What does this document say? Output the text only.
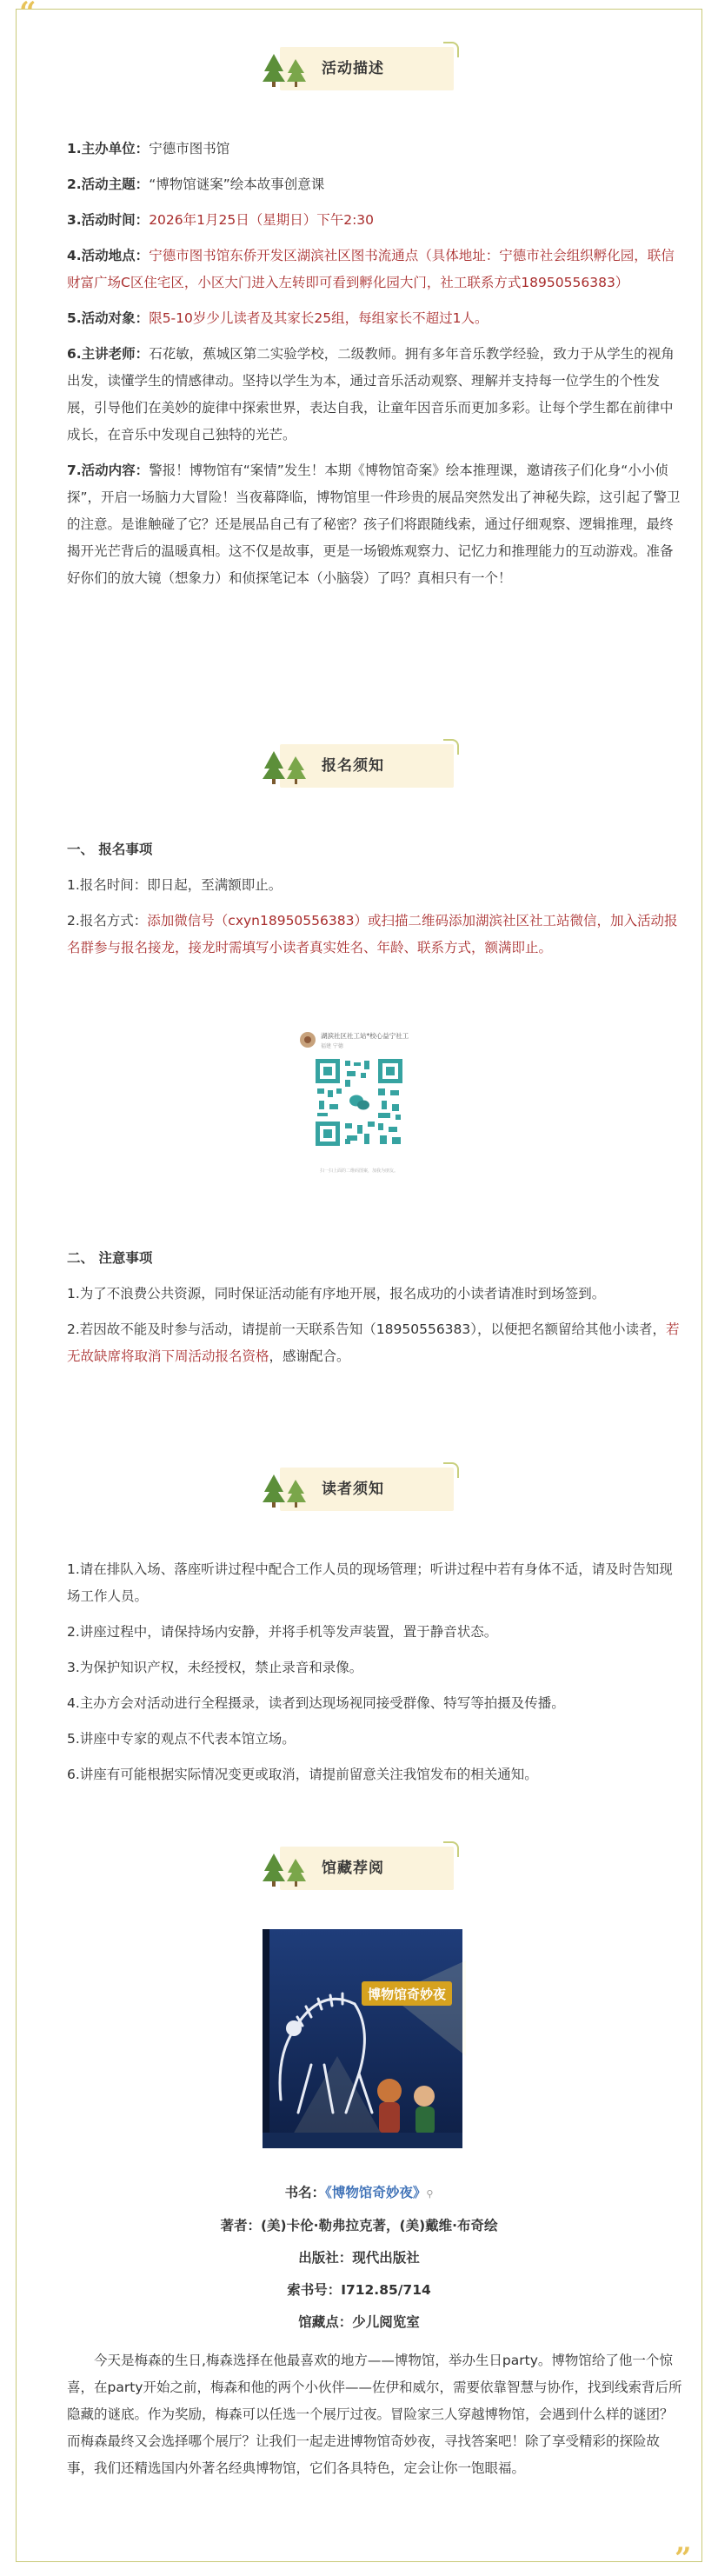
“
”
活动描述

1.主办单位：宁德市图书馆

2.活动主题：“博物馆谜案”绘本故事创意课

3.活动时间：2026年1月25日（星期日）下午2:30

4.活动地点：宁德市图书馆东侨开发区湖滨社区图书流通点（具体地址：宁德市社会组织孵化园，联信财富广场C区住宅区，小区大门进入左转即可看到孵化园大门，社工联系方式18950556383）

5.活动对象：限5-10岁少儿读者及其家长25组，每组家长不超过1人。

6.主讲老师：石花敏，蕉城区第二实验学校，二级教师。拥有多年音乐教学经验，致力于从学生的视角出发，读懂学生的情感律动。坚持以学生为本，通过音乐活动观察、理解并支持每一位学生的个性发展，引导他们在美妙的旋律中探索世界，表达自我，让童年因音乐而更加多彩。让每个学生都在前律中成长，在音乐中发现自己独特的光芒。

7.活动内容：警报！博物馆有“案情”发生！本期《博物馆奇案》绘本推理课，邀请孩子们化身“小小侦探”，开启一场脑力大冒险！当夜幕降临，博物馆里一件珍贵的展品突然发出了神秘失踪，这引起了警卫的注意。是谁触碰了它？还是展品自己有了秘密？孩子们将跟随线索，通过仔细观察、逻辑推理，最终揭开光芒背后的温暖真相。这不仅是故事，更是一场锻炼观察力、记忆力和推理能力的互动游戏。准备好你们的放大镜（想象力）和侦探笔记本（小脑袋）了吗？真相只有一个！

报名须知

一、 报名事项

1.报名时间：即日起，至满额即止。

2.报名方式：添加微信号（cxyn18950556383）或扫描二维码添加湖滨社区社工站微信，加入活动报名群参与报名接龙，接龙时需填写小读者真实姓名、年龄、联系方式，额满即止。

湖滨社区社工站*校心益宁社工
福建 宁德
扫一扫上面的二维码图案，加我为朋友。

二、 注意事项

1.为了不浪费公共资源，同时保证活动能有序地开展，报名成功的小读者请准时到场签到。

2.若因故不能及时参与活动，请提前一天联系告知（18950556383），以便把名额留给其他小读者，若无故缺席将取消下周活动报名资格，感谢配合。

读者须知

1.请在排队入场、落座听讲过程中配合工作人员的现场管理；听讲过程中若有身体不适，请及时告知现场工作人员。

2.讲座过程中，请保持场内安静，并将手机等发声装置，置于静音状态。

3.为保护知识产权，未经授权，禁止录音和录像。

4.主办方会对活动进行全程摄录，读者到达现场视同接受群像、特写等拍摄及传播。

5.讲座中专家的观点不代表本馆立场。

6.讲座有可能根据实际情况变更或取消，请提前留意关注我馆发布的相关通知。

馆藏荐阅
博物馆奇妙夜

书名：《博物馆奇妙夜》⚲

著者：(美)卡伦·勒弗拉克著，(美)戴维·布奇绘

出版社：现代出版社

索书号：I712.85/714

馆藏点：少儿阅览室

今天是梅森的生日,梅森选择在他最喜欢的地方——博物馆，举办生日party。博物馆给了他一个惊喜，在party开始之前，梅森和他的两个小伙伴——佐伊和威尔，需要依靠智慧与协作，找到线索背后所隐藏的谜底。作为奖励，梅森可以任选一个展厅过夜。冒险家三人穿越博物馆，会遇到什么样的谜团？而梅森最终又会选择哪个展厅？让我们一起走进博物馆奇妙夜，寻找答案吧！除了享受精彩的探险故事，我们还精选国内外著名经典博物馆，它们各具特色，定会让你一饱眼福。
